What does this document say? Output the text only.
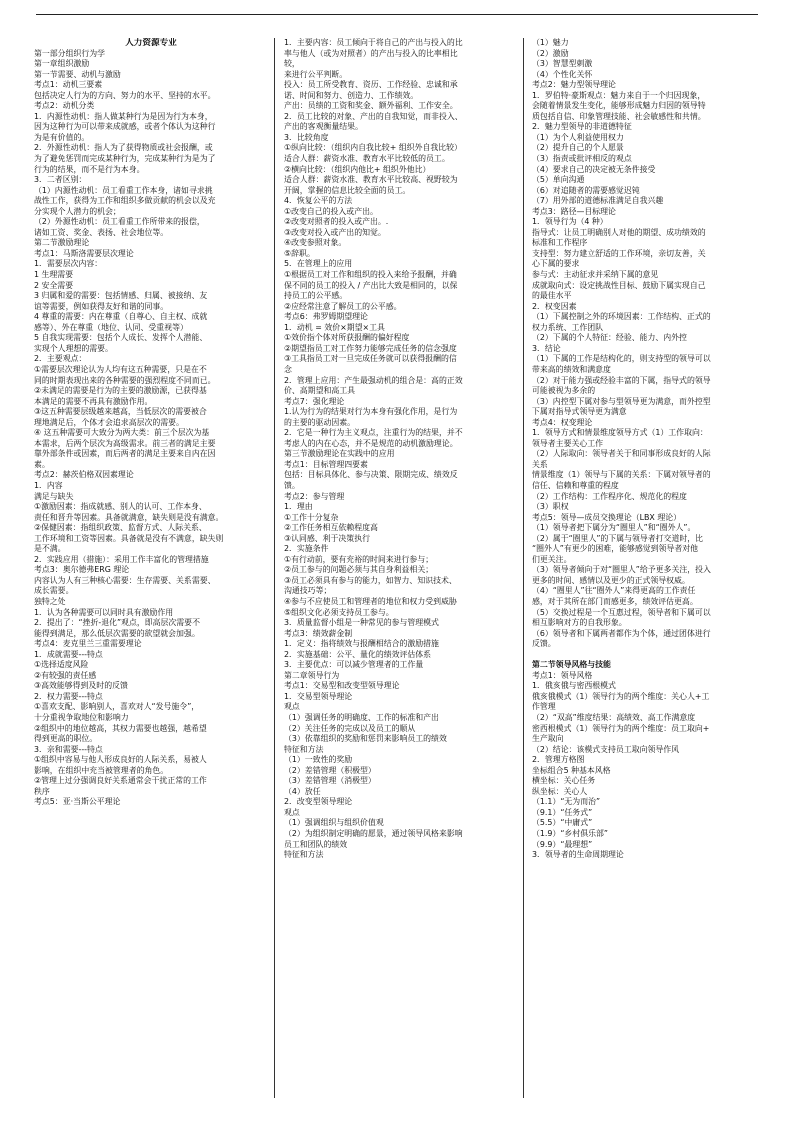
人力资源专业
第一部分组织行为学
第一章组织激励
第一节需要、动机与激励
考点1：动机三要素
包括决定人行为的方向、努力的水平、坚持的水平。
考点2：动机分类
1．内源性动机：指人做某种行为是因为行为本身，
因为这种行为可以带来成就感，或者个体认为这种行
为是有价值的。
2．外源性动机：指人为了获得物质或社会报酬，或
为了避免惩罚而完成某种行为，完成某种行为是为了
行为的结果，而不是行为本身。
3．二者区别：
（1）内源性动机：员工看重工作本身，诸如寻求挑
战性工作，获得为工作和组织多做贡献的机会以及充
分实现个人潜力的机会；
（2）外源性动机：员工看重工作所带来的报偿，
诸如工资、奖金、表扬、社会地位等。
第二节激励理论
考点1：马斯洛需要层次理论
1．需要层次内容：
1 生理需要
2 安全需要
3 归属和爱的需要：包括情感、归属、被接纳、友
谊等需要，例如获得友好和谐的同事。
4 尊重的需要：内在尊重（自尊心、自主权、成就
感等）、外在尊重（地位、认同、受重视等）
5 自我实现需要：包括个人成长、发挥个人潜能、
实现个人理想的需要。
2．主要观点：
①需要层次理论认为人均有这五种需要，只是在不
同的时期表现出来的各种需要的强烈程度不同而已。
②未满足的需要是行为的主要的激励源，已获得基
本满足的需要不再具有激励作用。
③这五种需要层级越来越高，当低层次的需要被合
理地满足后，个体才会追求高层次的需要。
④ 这五种需要可大致分为两大类：前三个层次为基
本需求，后两个层次为高级需求。前三者的满足主要
靠外部条件或因素，而后两者的满足主要来自内在因
素。
考点2：赫茨伯格双因素理论
1．内容
满足与缺失
①激励因素：指成就感、别人的认可、工作本身、
责任和晋升等因素。具备就满意，缺失则是没有满意。
②保健因素：指组织政策、监督方式、人际关系、
工作环境和工资等因素。具备就是没有不满意，缺失则
是不满。
2．实践应用（措施）：采用工作丰富化的管理措施
考点3：奥尔德弗ERG 理论
内容认为人有三种核心需要：生存需要、关系需要、
成长需要。
独特之处
1．认为各种需要可以同时具有激励作用
2．提出了：“挫折-退化”观点，即高层次需要不
能得到满足，那么低层次需要的欲望就会加强。
考点4：麦克里兰三重需要理论
1．成就需要---特点
①选择适度风险
②有较强的责任感
③高效能够得到及时的反馈
2．权力需要---特点
①喜欢支配、影响别人，喜欢对人“发号施令”，
十分重视争取地位和影响力
②组织中的地位越高，其权力需要也越强，越希望
得到更高的职位。
3．亲和需要---特点
①组织中容易与他人形成良好的人际关系，易被人
影响，在组织中充当被管理者的角色。
②管理上过分强调良好关系通常会干扰正常的工作
秩序
考点5：亚·当斯公平理论
1．主要内容：员工倾向于将自己的产出与投入的比
率与他人（或为对照者）的产出与投入的比率相比
较，
来进行公平判断。
投入：员工所受教育、资历、工作经验、忠诚和承
诺、时间和努力、创造力、工作绩效。
产出：员绩的工资和奖金、额外福利、工作安全。
2．员工比较的对象、产出的自我知觉，而非投入、
产出的客观衡量结果。
3．比较角度
①纵向比较：（组织内自我比较+ 组织外自我比较）
适合人群：薪资水准、教育水平比较低的员工。
②横向比较：（组织内他比+ 组织外他比）
适合人群：薪资水准、教育水平比较高、视野较为
开阔，掌握的信息比较全面的员工。
4．恢复公平的方法
①改变自己的投入或产出。
②改变对照者的投入或产出。.
③改变对投入或产出的知觉。
④改变参照对象。
⑤辞职。
5．在管理上的应用
①根据员工对工作和组织的投入来给予报酬，并确
保不同的员工的投入 / 产出比大致是相同的，以保
持员工的公平感。
②应经常注意了解员工的公平感。
考点6：弗罗姆期望理论
1．动机 = 效价×期望×工具
①效价指个体对所获报酬的偏好程度
②期望指员工对工作努力能够完成任务的信念强度
③工具指员工对一旦完成任务就可以获得报酬的信
念
2．管理上应用：产生最强动机的组合是：高的正效
价、高期望和高工具
考点7：强化理论
1.认为行为的结果对行为本身有强化作用，是行为
的主要的驱动因素。
2．它是一种行为主义观点，注重行为的结果，并不
考虑人的内在心态，并不是规范的动机激励理论。
第三节激励理论在实践中的应用
考点1：目标管理四要素
包括：目标具体化、参与决策、限期完成、绩效反
馈。
考点2：参与管理
1．理由
①工作十分复杂
②工作任务相互依赖程度高
③认同感、利于决策执行
2．实施条件
①有行动前，要有充裕的时间来进行参与；
②员工参与的问题必须与其自身利益相关；
③员工必须具有参与的能力，如智力、知识技术、
沟通技巧等；
④参与不应使员工和管理者的地位和权力受到威胁
⑤组织文化必须支持员工参与。
3．质量监督小组是一种常见的参与管理模式
考点3：绩效薪金制
1．定义：指将绩效与报酬相结合的激励措施
2．实施基础：公平、量化的绩效评估体系
3．主要优点：可以减少管理者的工作量
第二章领导行为
考点1：交易型和改变型领导理论
1．交易型领导理论
观点
（1）强调任务的明确度、工作的标准和产出
（2）关注任务的完成以及员工的顺从
（3）依靠组织的奖励和惩罚来影响员工的绩效
特征和方法
（1）一致性的奖励
（2）差错管理（积极型）
（3）差错管理（消极型）
（4）放任
2．改变型领导理论
观点
（1）强调组织与组织价值观
（2）为组织制定明确的愿景，通过领导风格来影响
员工和团队的绩效
特征和方法
（1）魅力
（2）激励
（3）智慧型刺激
（4）个性化关怀
考点2：魅力型领导理论
1．罗伯特·豪斯观点：魅力来自于一个归因现象，
会随着情景发生变化，能够形成魅力归因的领导特
质包括自信、印象管理技能、社会敏感性和共情。
2．魅力型领导的非道德特征
（1）为个人利益使用权力
（2）提升自己的个人愿景
（3）指责或批评相反的观点
（4）要求自己的决定被无条件接受
（5）单向沟通
（6）对追随者的需要感觉迟钝
（7）用外部的道德标准满足自我兴趣
考点3：路径—目标理论
1．领导行为（4 种）
指导式：让员工明确别人对他的期望、成功绩效的
标准和工作程序
支持型：努力建立舒适的工作环境，亲切友善，关
心下属的要求
参与式：主动征求并采纳下属的意见
成就取向式：设定挑战性目标、鼓励下属实现自己
的最佳水平
2．权变因素
（1）下属控制之外的环境因素：工作结构、正式的
权力系统、工作团队
（2）下属的个人特征：经验、能力、内外控
3．结论
（1）下属的工作是结构化的，则支持型的领导可以
带来高的绩效和满意度
（2）对于能力强或经验丰富的下属，指导式的领导
可能被视为多余的
（3）内控型下属对参与型领导更为满意，而外控型
下属对指导式领导更为满意
考点4：权变理论
1．领导方式和情景维度领导方式（1）工作取向：
领导者主要关心工作
（2）人际取向：领导者关于和同事形成良好的人际
关系
情景维度（1）领导与下属的关系：下属对领导者的
信任、信赖和尊重的程度
（2）工作结构：工作程序化、规范化的程度
（3）职权
考点5：领导—成员交换理论（LBX 理论）
（1）领导者把下属分为“圈里人”和“圈外人”。
（2）属于“圈里人”的下属与领导者打交道时，比
“圈外人”有更少的困难，能够感觉到领导者对他
们更关注。
（3）领导者倾向于对“圈里人”给予更多关注，投入
更多的时间、感情以及更少的正式领导权威。
（4）“圈里人”往“圈外人”来得更高的工作责任
感，对于其所在部门而感更多，绩效评估更高。
（5）交换过程是一个互惠过程，领导者和下属可以
相互影响对方的自我形象。
（6）领导者和下属两者都作为个体，通过团体进行
反馈。
第二节领导风格与技能
考点1：领导风格
1．俄亥俄与密西根模式
俄亥俄模式（1）领导行为的两个维度：关心人+工
作管理
（2）“双高”维度结果：高绩效、高工作满意度
密西根模式（1）领导行为的两个维度：员工取向+
生产取向
（2）结论：该模式支持员工取向领导作风
2．管理方格图
坐标组合5 种基本风格
横坐标：关心任务
纵坐标：关心人
（1.1）“无为而治”
（9.1）“任务式”
（5.5）“中庸式”
（1.9）“乡村俱乐部”
（9.9）“最理想”
3．领导者的生命周期理论
